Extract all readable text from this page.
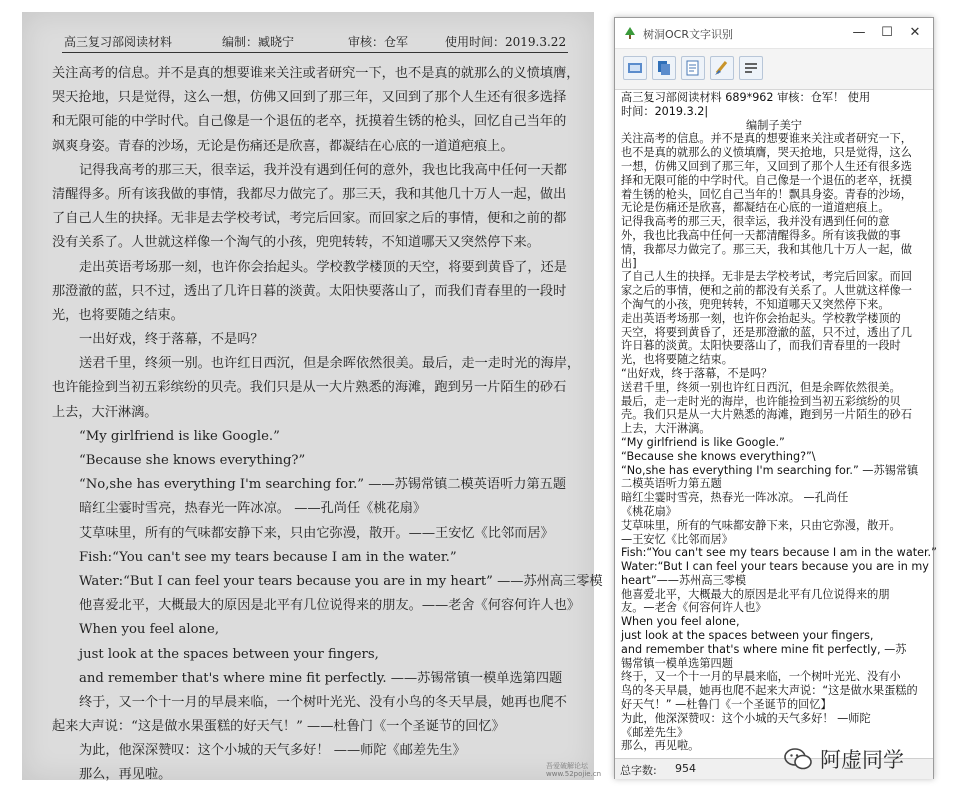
高三复习部阅读材料	编制：臧晓宁	审核：仓军	使用时间：2019.3.22
关注高考的信息。并不是真的想要谁来关注或者研究一下，也不是真的就那么的义愤填膺，
哭天抢地，只是觉得，这么一想，仿佛又回到了那三年，又回到了那个人生还有很多选择
和无限可能的中学时代。自己像是一个退伍的老卒，抚摸着生锈的枪头，回忆自己当年的
飒爽身姿。青春的沙场，无论是伤痛还是欣喜，都凝结在心底的一道道疤痕上。
记得我高考的那三天，很幸运，我并没有遇到任何的意外，我也比我高中任何一天都
清醒得多。所有该我做的事情，我都尽力做完了。那三天，我和其他几十万人一起，做出
了自己人生的抉择。无非是去学校考试，考完后回家。而回家之后的事情，便和之前的都
没有关系了。人世就这样像一个淘气的小孩，兜兜转转，不知道哪天又突然停下来。
走出英语考场那一刻，也许你会抬起头。学校教学楼顶的天空，将要到黄昏了，还是
那澄澈的蓝，只不过，透出了几许日暮的淡黄。太阳快要落山了，而我们青春里的一段时
光，也将要随之结束。
一出好戏，终于落幕，不是吗？
送君千里，终须一别。也许红日西沉，但是余晖依然很美。最后，走一走时光的海岸，
也许能捡到当初五彩缤纷的贝壳。我们只是从一大片熟悉的海滩，跑到另一片陌生的砂石
上去，大汗淋漓。
“My girlfriend is like Google.”
“Because she knows everything?”
“No,she has everything I'm searching for.” ——苏锡常镇二模英语听力第五题
暗红尘霎时雪亮，热春光一阵冰凉。 ——孔尚任《桃花扇》
艾草味里，所有的气味都安静下来，只由它弥漫，散开。——王安忆《比邻而居》
Fish:“You can't see my tears because I am in the water.”
Water:“But I can feel your tears because you are in my heart” ——苏州高三零模
他喜爱北平，大概最大的原因是北平有几位说得来的朋友。——老舍《何容何许人也》
When you feel alone,
just look at the spaces between your fingers,
and remember that's where mine fit perfectly. ——苏锡常镇一模单选第四题
终于，又一个十一月的早晨来临，一个树叶光光、没有小鸟的冬天早晨，她再也爬不
起来大声说：“这是做水果蛋糕的好天气！” ——杜鲁门《一个圣诞节的回忆》
为此，他深深赞叹：这个小城的天气多好！ ——师陀《邮差先生》
那么，再见啦。
吾爱破解论坛 www.52pojie.cn
树洞OCR文字识别	—	☐	✕
高三复习部阅读材料 689*962 审核：仓军！ 使用
时间：2019.3.2|
编制子美宁
关注高考的信息。并不是真的想要谁来关注或者研究一下，
也不是真的就那么的义愤填膺，哭天抢地，只是觉得，这么
一想，仿佛又回到了那三年，又回到了那个人生还有很多选
择和无限可能的中学时代。自己像是一个退伍的老卒，抚摸
着生锈的枪头，回忆自己当年的！飘具身姿。青春的沙场，
无论是伤痛还是欣喜，都凝结在心底的一道道疤痕上。
记得我高考的那三天，很幸运，我并没有遇到任何的意
外，我也比我高中任何一天都清醒得多。所有该我做的事
情，我都尽力做完了。那三天，我和其他几十万人一起，做
出]
了自己人生的抉择。无非是去学校考试，考完后回家。而回
家之后的事情，便和之前的都没有关系了。人世就这样像一
个淘气的小孩，兜兜转转，不知道哪天又突然停下来。
走出英语考场那一刻，也许你会抬起头。学校教学楼顶的
天空，将要到黄昏了，还是那澄澈的蓝，只不过，透出了几
许日暮的淡黄。太阳快要落山了，而我们青春里的一段时
光，也将要随之结束。
“出好戏，终于落幕，不是吗？
送君千里，终须一别也许红日西沉，但是余晖依然很美。
最后，走一走时光的海岸，也许能捡到当初五彩缤纷的贝
壳。我们只是从一大片熟悉的海滩，跑到另一片陌生的砂石
上去，大汗淋漓。
“My girlfriend is like Google.”
“Because she knows everything?”\
“No,she has everything I'm searching for.” —苏锡常镇
二模英语听力第五题
暗红尘霎时雪亮，热春光一阵冰凉。 —孔尚任
《桃花扇》
艾草味里，所有的气味都安静下来，只由它弥漫，散开。
—王安忆《比邻而居》
Fish:“You can't see my tears because I am in the water.”
Water:“But I can feel your tears because you are in my
heart”——苏州高三零模
他喜爱北平，大概最大的原因是北平有几位说得来的朋
友。—老舍《何容何许人也》
When you feel alone,
just look at the spaces between your fingers,
and remember that's where mine fit perfectly, —苏
锡常镇一模单选第四题
终于，又一个十一月的早晨来临，一个树叶光光、没有小
鸟的冬天早晨，她再也爬不起来大声说：“这是做水果蛋糕的
好天气！” —杜鲁门《一个圣诞节的回忆】
为此，他深深赞叹：这个小城的天气多好！ —师陀
《邮差先生》
那么，再见啦。
总字数: 954	阿虚同学
